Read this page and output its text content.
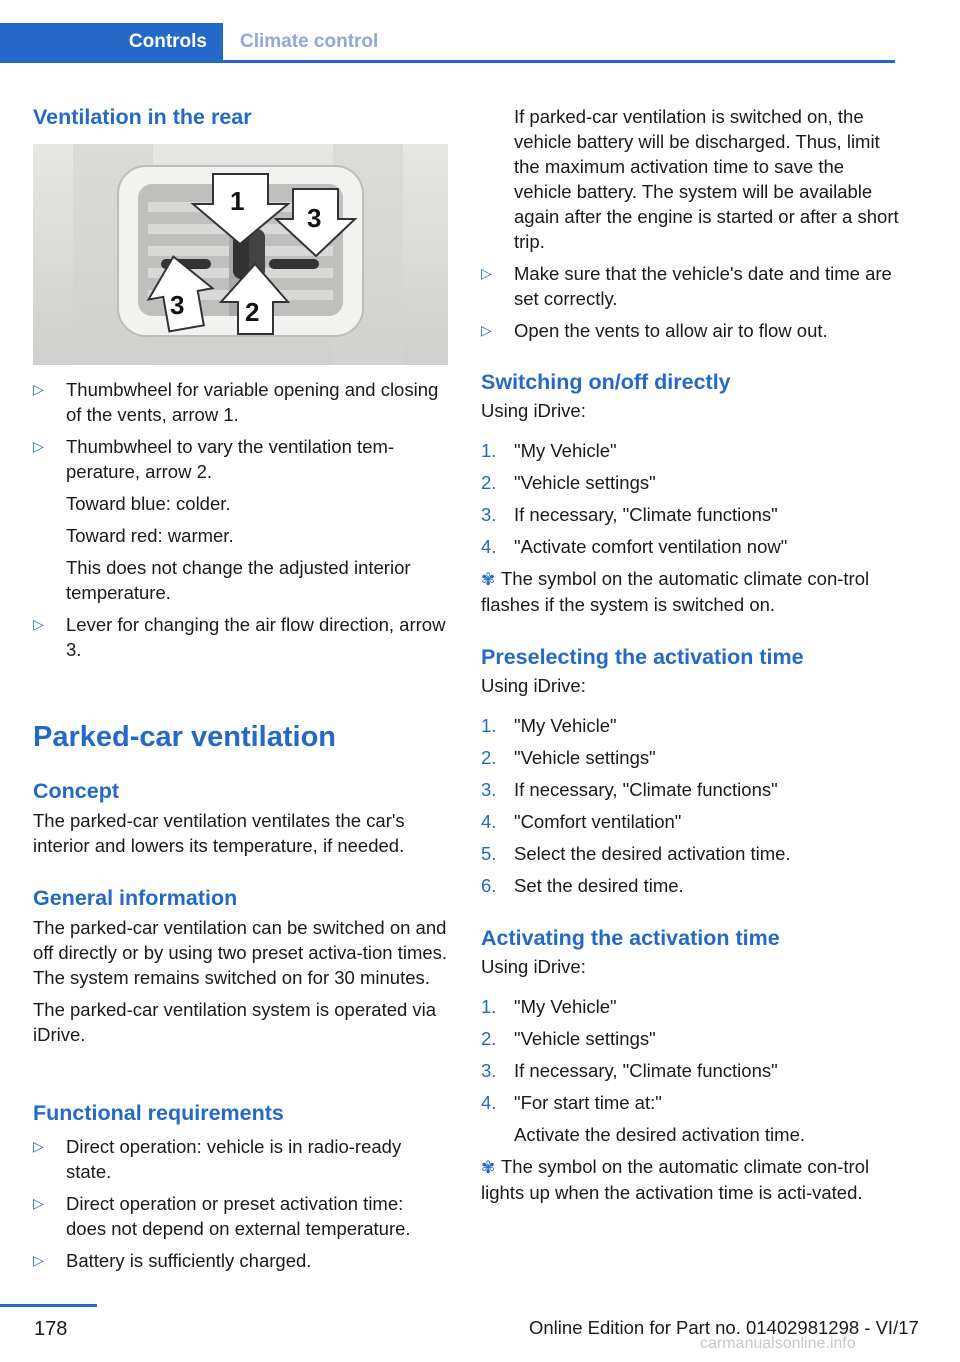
Controls	Climate control
Ventilation in the rear
1
3
3 2
▷ Thumbwheel for variable opening and closing of the vents, arrow 1.
▷ Thumbwheel to vary the ventilation tem-perature, arrow 2.

Toward blue: colder.

Toward red: warmer.

This does not change the adjusted interior temperature.

▷ Lever for changing the air flow direction, arrow 3.
Parked-car ventilation
Concept

The parked-car ventilation ventilates the car's interior and lowers its temperature, if needed.

General information

The parked-car ventilation can be switched on and off directly or by using two preset activa-tion times. The system remains switched on for 30 minutes.

The parked-car ventilation system is operated via iDrive.

Functional requirements
▷ Direct operation: vehicle is in radio-ready state.
▷ Direct operation or preset activation time: does not depend on external temperature.
▷ Battery is sufficiently charged.

If parked-car ventilation is switched on, the vehicle battery will be discharged. Thus, limit the maximum activation time to save the vehicle battery. The system will be available again after the engine is started or after a short trip.

▷ Make sure that the vehicle's date and time are set correctly.
▷ Open the vents to allow air to flow out.
Switching on/off directly

Using iDrive:

1. "My Vehicle"
2. "Vehicle settings"
3. If necessary, "Climate functions"
4. "Activate comfort ventilation now"

✾ The symbol on the automatic climate con-trol flashes if the system is switched on.

Preselecting the activation time

Using iDrive:

1. "My Vehicle"
2. "Vehicle settings"
3. If necessary, "Climate functions"
4. "Comfort ventilation"
5. Select the desired activation time.
6. Set the desired time.
Activating the activation time

Using iDrive:

1. "My Vehicle"
2. "Vehicle settings"
3. If necessary, "Climate functions"
4. "For start time at:"

Activate the desired activation time.

✾ The symbol on the automatic climate con-trol lights up when the activation time is acti-vated.

178	Online Edition for Part no. 01402981298 - VI/17
carmanualsonline.info
